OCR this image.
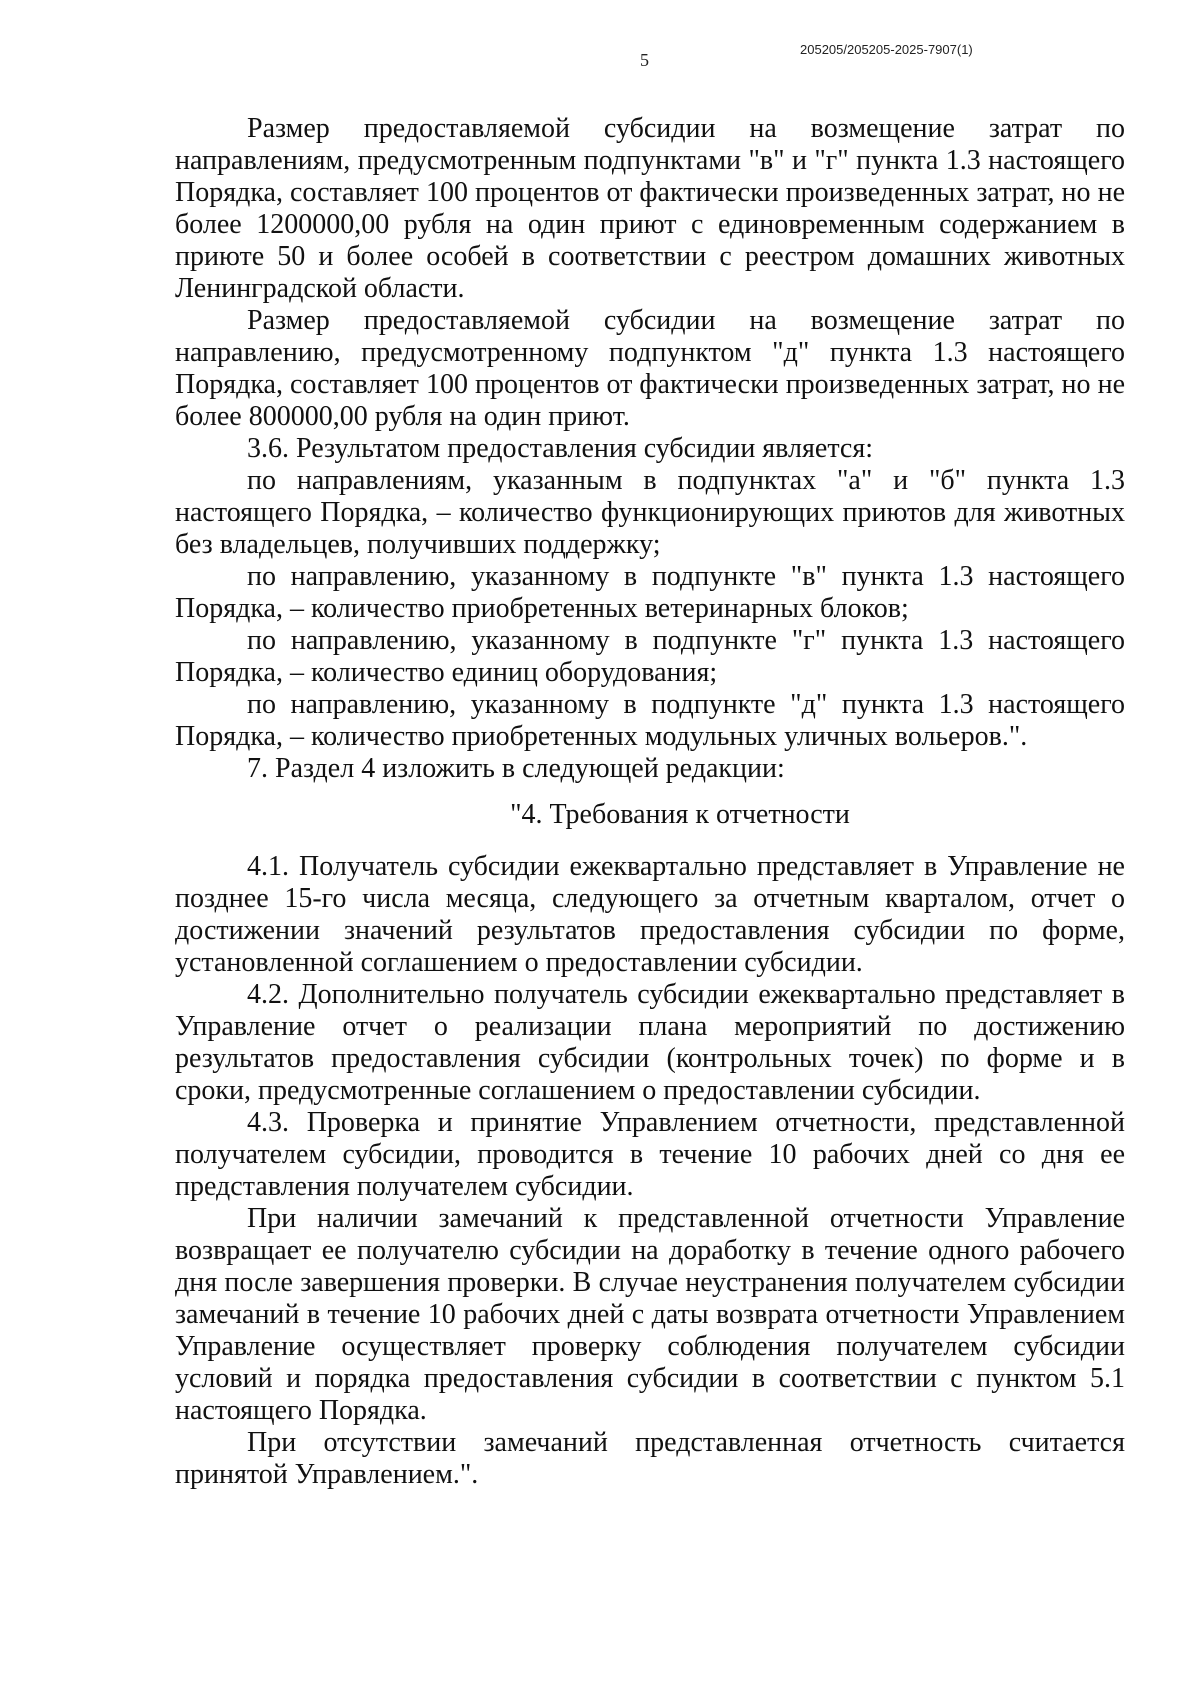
205205/205205-2025-7907(1)
5

Размер предоставляемой субсидии на возмещение затрат по направлениям, предусмотренным подпунктами "в" и "г" пункта 1.3 настоящего Порядка, составляет 100 процентов от фактически произведенных затрат, но не более 1200000,00 рубля на один приют с единовременным содержанием в приюте 50 и более особей в соответствии с реестром домашних животных Ленинградской области.

Размер предоставляемой субсидии на возмещение затрат по направлению, предусмотренному подпунктом "д" пункта 1.3 настоящего Порядка, составляет 100 процентов от фактически произведенных затрат, но не более 800000,00 рубля на один приют.

3.6. Результатом предоставления субсидии является:

по направлениям, указанным в подпунктах "а" и "б" пункта 1.3 настоящего Порядка, – количество функционирующих приютов для животных без владельцев, получивших поддержку;

по направлению, указанному в подпункте "в" пункта 1.3 настоящего Порядка, – количество приобретенных ветеринарных блоков;

по направлению, указанному в подпункте "г" пункта 1.3 настоящего Порядка, – количество единиц оборудования;

по направлению, указанному в подпункте "д" пункта 1.3 настоящего Порядка, – количество приобретенных модульных уличных вольеров.".

7. Раздел 4 изложить в следующей редакции:

"4. Требования к отчетности

4.1. Получатель субсидии ежеквартально представляет в Управление не позднее 15-го числа месяца, следующего за отчетным кварталом, отчет о достижении значений результатов предоставления субсидии по форме, установленной соглашением о предоставлении субсидии.

4.2. Дополнительно получатель субсидии ежеквартально представляет в Управление отчет о реализации плана мероприятий по достижению результатов предоставления субсидии (контрольных точек) по форме и в сроки, предусмотренные соглашением о предоставлении субсидии.

4.3. Проверка и принятие Управлением отчетности, представленной получателем субсидии, проводится в течение 10 рабочих дней со дня ее представления получателем субсидии.

При наличии замечаний к представленной отчетности Управление возвращает ее получателю субсидии на доработку в течение одного рабочего дня после завершения проверки. В случае неустранения получателем субсидии замечаний в течение 10 рабочих дней с даты возврата отчетности Управлением Управление осуществляет проверку соблюдения получателем субсидии условий и порядка предоставления субсидии в соответствии с пунктом 5.1 настоящего Порядка.

При отсутствии замечаний представленная отчетность считается принятой Управлением.".
